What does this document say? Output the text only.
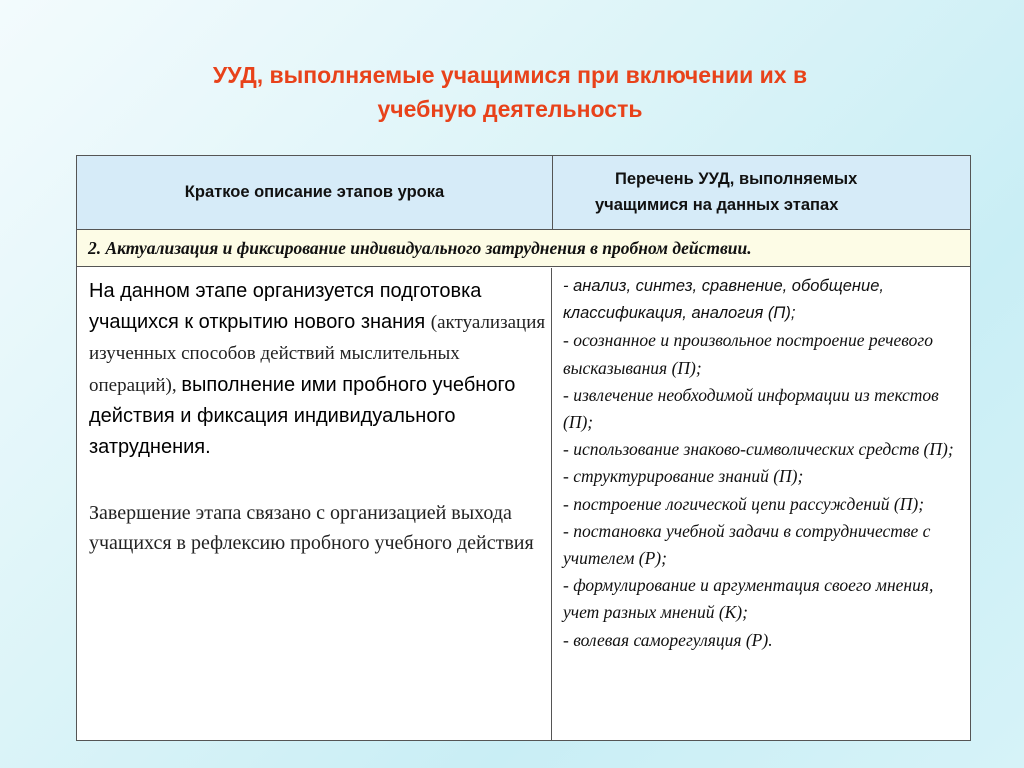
УУД, выполняемые учащимися при включении их в
учебную деятельность
Краткое описание этапов урока
Перечень УУД, выполняемых
учащимися на данных этапах
2. Актуализация и фиксирование индивидуального затруднения в пробном действии.
На данном этапе организуется подготовка учащихся к открытию нового знания (актуализация изученных способов действий мыслительных операций), выполнение ими пробного учебного действия и фиксация индивидуального затруднения.
Завершение этапа связано с организацией выхода учащихся в рефлексию пробного учебного действия
- анализ, синтез, сравнение, обобщение, классификация, аналогия (П);
- осознанное и произвольное построение речевого высказывания (П);
- извлечение необходимой информации из текстов (П);
- использование знаково-символических средств (П);
- структурирование знаний (П);
- построение логической цепи рассуждений (П);
- постановка учебной задачи в сотрудничестве с учителем (Р);
- формулирование и аргументация своего мнения, учет разных мнений (К);
- волевая саморегуляция (Р).
